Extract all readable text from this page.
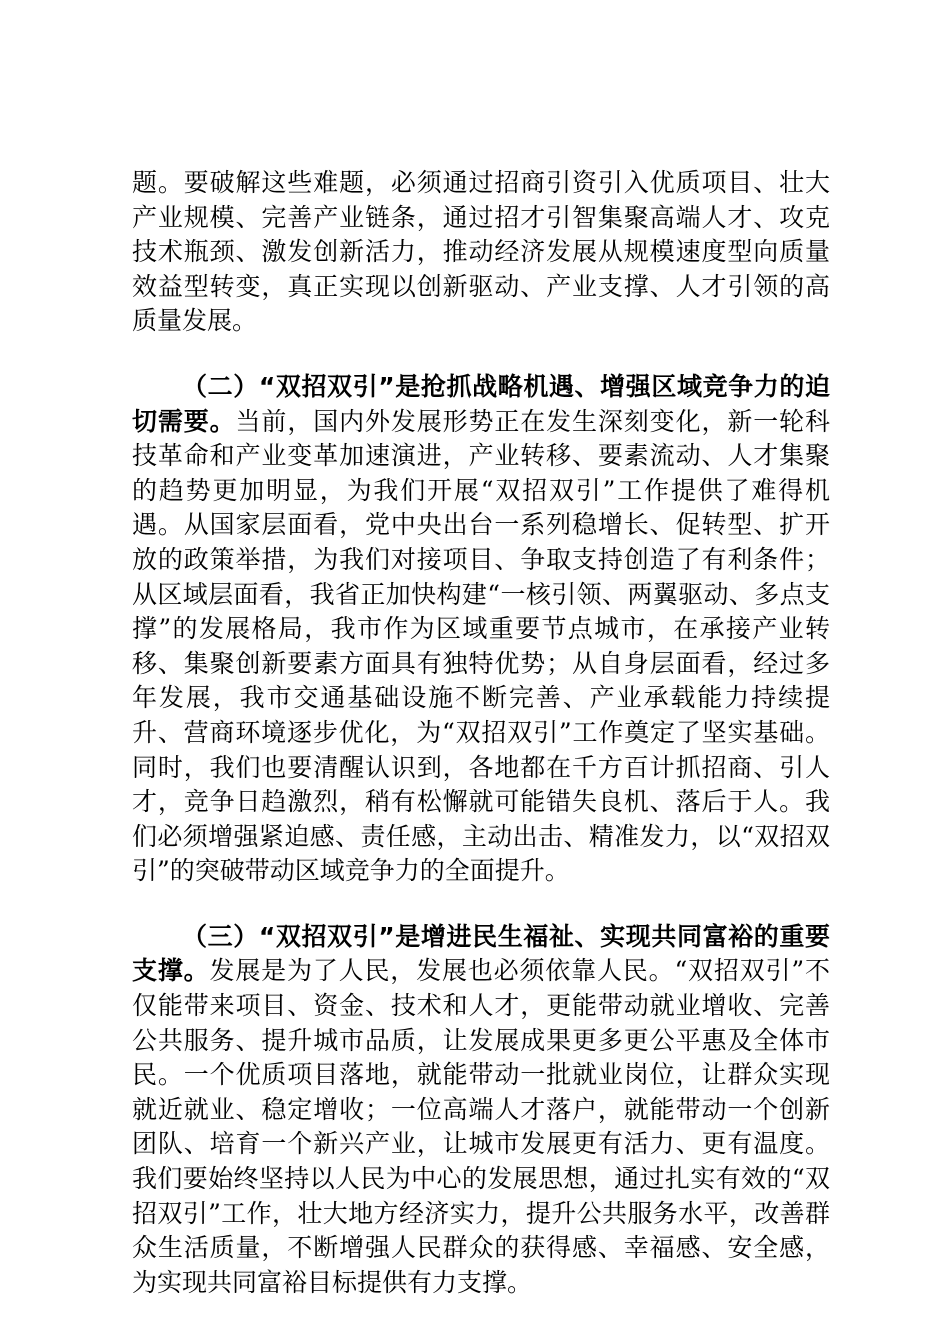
题。要破解这些难题，必须通过招商引资引入优质项目、壮大产业规模、完善产业链条，通过招才引智集聚高端人才、攻克技术瓶颈、激发创新活力，推动经济发展从规模速度型向质量效益型转变，真正实现以创新驱动、产业支撑、人才引领的高质量发展。

（二）“双招双引”是抢抓战略机遇、增强区域竞争力的迫切需要。当前，国内外发展形势正在发生深刻变化，新一轮科技革命和产业变革加速演进，产业转移、要素流动、人才集聚的趋势更加明显，为我们开展“双招双引”工作提供了难得机遇。从国家层面看，党中央出台一系列稳增长、促转型、扩开放的政策举措，为我们对接项目、争取支持创造了有利条件；从区域层面看，我省正加快构建“一核引领、两翼驱动、多点支撑”的发展格局，我市作为区域重要节点城市，在承接产业转移、集聚创新要素方面具有独特优势；从自身层面看，经过多年发展，我市交通基础设施不断完善、产业承载能力持续提升、营商环境逐步优化，为“双招双引”工作奠定了坚实基础。同时，我们也要清醒认识到，各地都在千方百计抓招商、引人才，竞争日趋激烈，稍有松懈就可能错失良机、落后于人。我们必须增强紧迫感、责任感，主动出击、精准发力，以“双招双引”的突破带动区域竞争力的全面提升。

（三）“双招双引”是增进民生福祉、实现共同富裕的重要支撑。发展是为了人民，发展也必须依靠人民。“双招双引”不仅能带来项目、资金、技术和人才，更能带动就业增收、完善公共服务、提升城市品质，让发展成果更多更公平惠及全体市民。一个优质项目落地，就能带动一批就业岗位，让群众实现就近就业、稳定增收；一位高端人才落户，就能带动一个创新团队、培育一个新兴产业，让城市发展更有活力、更有温度。我们要始终坚持以人民为中心的发展思想，通过扎实有效的“双招双引”工作，壮大地方经济实力，提升公共服务水平，改善群众生活质量，不断增强人民群众的获得感、幸福感、安全感，为实现共同富裕目标提供有力支撑。
